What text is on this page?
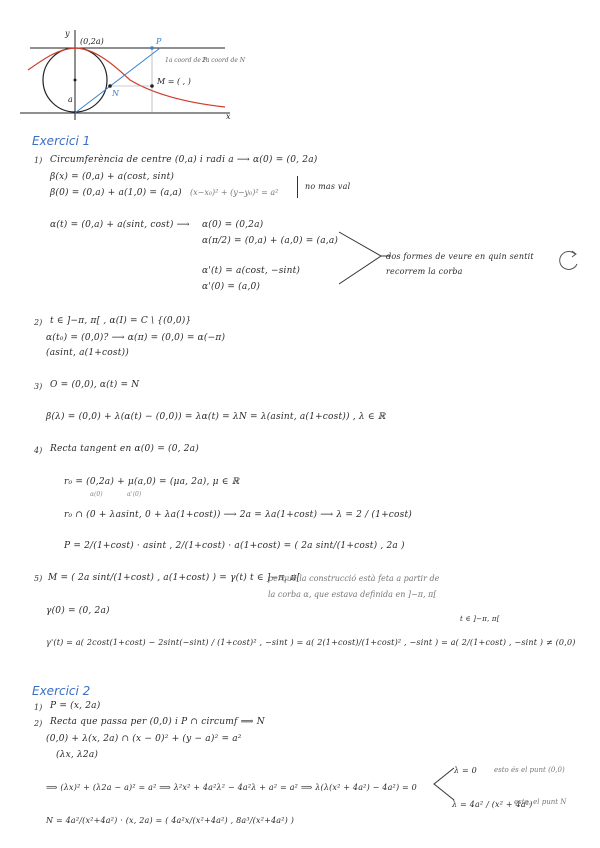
y
x
(0,2a)	P
N
a
M = ( , )
1a coord de P
2a coord de N
Exercici 1
1) Circumferència de centre (0,a) i radi a ⟶ α(0) = (0, 2a)
β(x) = (0,a) + a(cost, sint)
β(0) = (0,a) + a(1,0) = (a,a) (x−x₀)² + (y−y₀)² = a²
no mas val
α(t) = (0,a) + a(sint, cost) ⟶ α(0) = (0,2a)
α(π/2) = (0,a) + (a,0) = (a,a)
α'(t) = a(cost, −sint)
α'(0) = (a,0)
dos formes de veure en quin sentit
recorrem la corba
2) t ∈ ]−π, π[ , α(I) = C \ {(0,0)}
α(t₀) = (0,0)? ⟶ α(π) = (0,0) = α(−π)
(asint, a(1+cost))
3) O = (0,0), α(t) = N
β(λ) = (0,0) + λ(α(t) − (0,0)) = λα(t) = λN = λ(asint, a(1+cost)) , λ ∈ ℝ
4) Recta tangent en α(0) = (0, 2a)
r₀ = (0,2a) + μ(a,0) = (μa, 2a), μ ∈ ℝ
α(0)	α'(0)
r₀ ∩ (0 + λasint, 0 + λa(1+cost)) ⟶ 2a = λa(1+cost) ⟶ λ = 2 / (1+cost)
P = 2/(1+cost) · asint , 2/(1+cost) · a(1+cost) = ( 2a sint/(1+cost) , 2a )
5) M = ( 2a sint/(1+cost) , a(1+cost) ) = γ(t) t ∈ ]−π, π[
perquè la construcció està feta a partir de
la corba α, que estava definida en ]−π, π[
γ(0) = (0, 2a)
t ∈ ]−π, π[
γ'(t) = a( 2cost(1+cost) − 2sint(−sint) / (1+cost)² , −sint ) = a( 2(1+cost)/(1+cost)² , −sint ) = a( 2/(1+cost) , −sint ) ≠ (0,0)
Exercici 2
1) P = (x, 2a)
2) Recta que passa per (0,0) i P ∩ circumf ⟹ N
(0,0) + λ(x, 2a) ∩ (x − 0)² + (y − a)² = a²
(λx, λ2a)
⟹ (λx)² + (λ2a − a)² = a² ⟹ λ²x² + 4a²λ² − 4a²λ + a² = a² ⟹ λ(λ(x² + 4a²) − 4a²) = 0
λ = 0 esto és el punt (0,0)
λ = 4a² / (x² + 4a²)
este, el punt N
N = 4a²/(x²+4a²) · (x, 2a) = ( 4a²x/(x²+4a²) , 8a³/(x²+4a²) )
